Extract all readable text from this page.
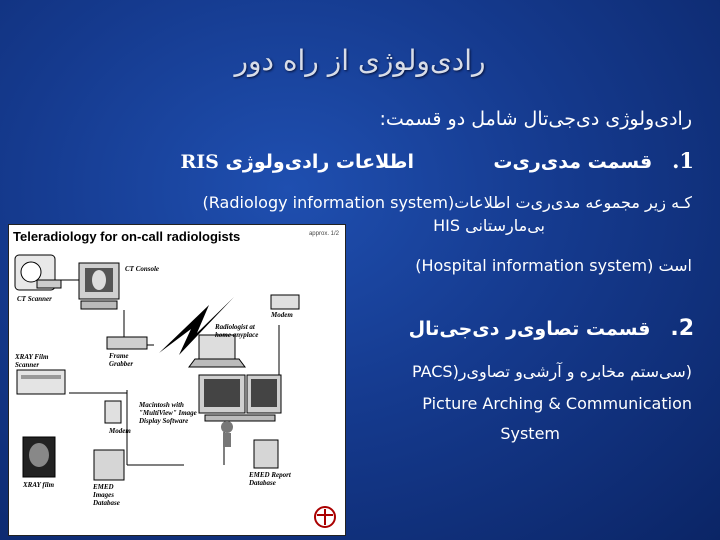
رادی‌ولوژی از راه دور
رادی‌ولوژی دی‌جی‌تال شامل دو قسمت:
1.   قسمت مدی‌ری‌ت            اطلاعات رادی‌ولوژی RIS
(Radiology information system)کـه زیر مجموعه مدی‌ری‌ت اطلاعات
بی‌مارستانی HIS
(Hospital information system) است
2.   قسمت تصاوی‌ر دی‌جی‌تال
(سی‌ستم مخابره و آرشی‌و تصاوی‌ر(PACS
Picture Arching & Communication
System
Teleradiology for on-call radiologists	approx. 1/2
CT Scanner
CT Console
Frame Grabber
Modem
Radiologist at home anyplace
XRAY Film Scanner
Modem
Macintosh with "MultiView" Image Display Software
EMED Images Database
EMED Report Database
XRAY film
